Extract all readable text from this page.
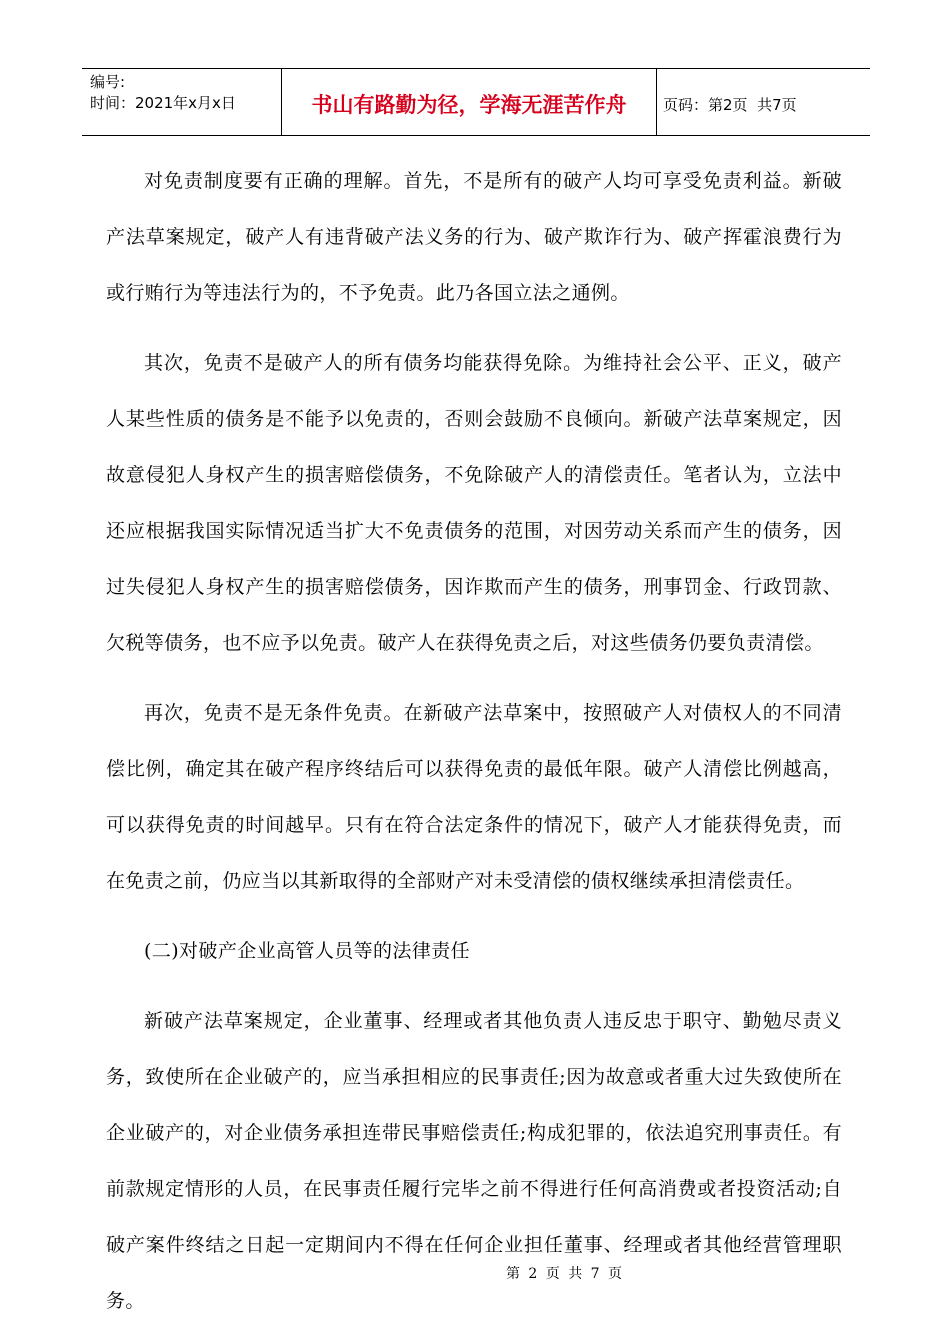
编号:
时间：2021年x月x日	书山有路勤为径，学海无涯苦作舟	页码：第2页  共7页

对免责制度要有正确的理解。首先，不是所有的破产人均可享受免责利益。新破产法草案规定，破产人有违背破产法义务的行为、破产欺诈行为、破产挥霍浪费行为或行贿行为等违法行为的，不予免责。此乃各国立法之通例。

其次，免责不是破产人的所有债务均能获得免除。为维持社会公平、正义，破产人某些性质的债务是不能予以免责的，否则会鼓励不良倾向。新破产法草案规定，因故意侵犯人身权产生的损害赔偿债务，不免除破产人的清偿责任。笔者认为，立法中还应根据我国实际情况适当扩大不免责债务的范围，对因劳动关系而产生的债务，因过失侵犯人身权产生的损害赔偿债务，因诈欺而产生的债务，刑事罚金、行政罚款、欠税等债务，也不应予以免责。破产人在获得免责之后，对这些债务仍要负责清偿。

再次，免责不是无条件免责。在新破产法草案中，按照破产人对债权人的不同清偿比例，确定其在破产程序终结后可以获得免责的最低年限。破产人清偿比例越高，可以获得免责的时间越早。只有在符合法定条件的情况下，破产人才能获得免责，而在免责之前，仍应当以其新取得的全部财产对未受清偿的债权继续承担清偿责任。

(二)对破产企业高管人员等的法律责任

新破产法草案规定，企业董事、经理或者其他负责人违反忠于职守、勤勉尽责义务，致使所在企业破产的，应当承担相应的民事责任;因为故意或者重大过失致使所在企业破产的，对企业债务承担连带民事赔偿责任;构成犯罪的，依法追究刑事责任。有前款规定情形的人员，在民事责任履行完毕之前不得进行任何高消费或者投资活动;自破产案件终结之日起一定期间内不得在任何企业担任董事、经理或者其他经营管理职务。

第 2 页 共 7 页
